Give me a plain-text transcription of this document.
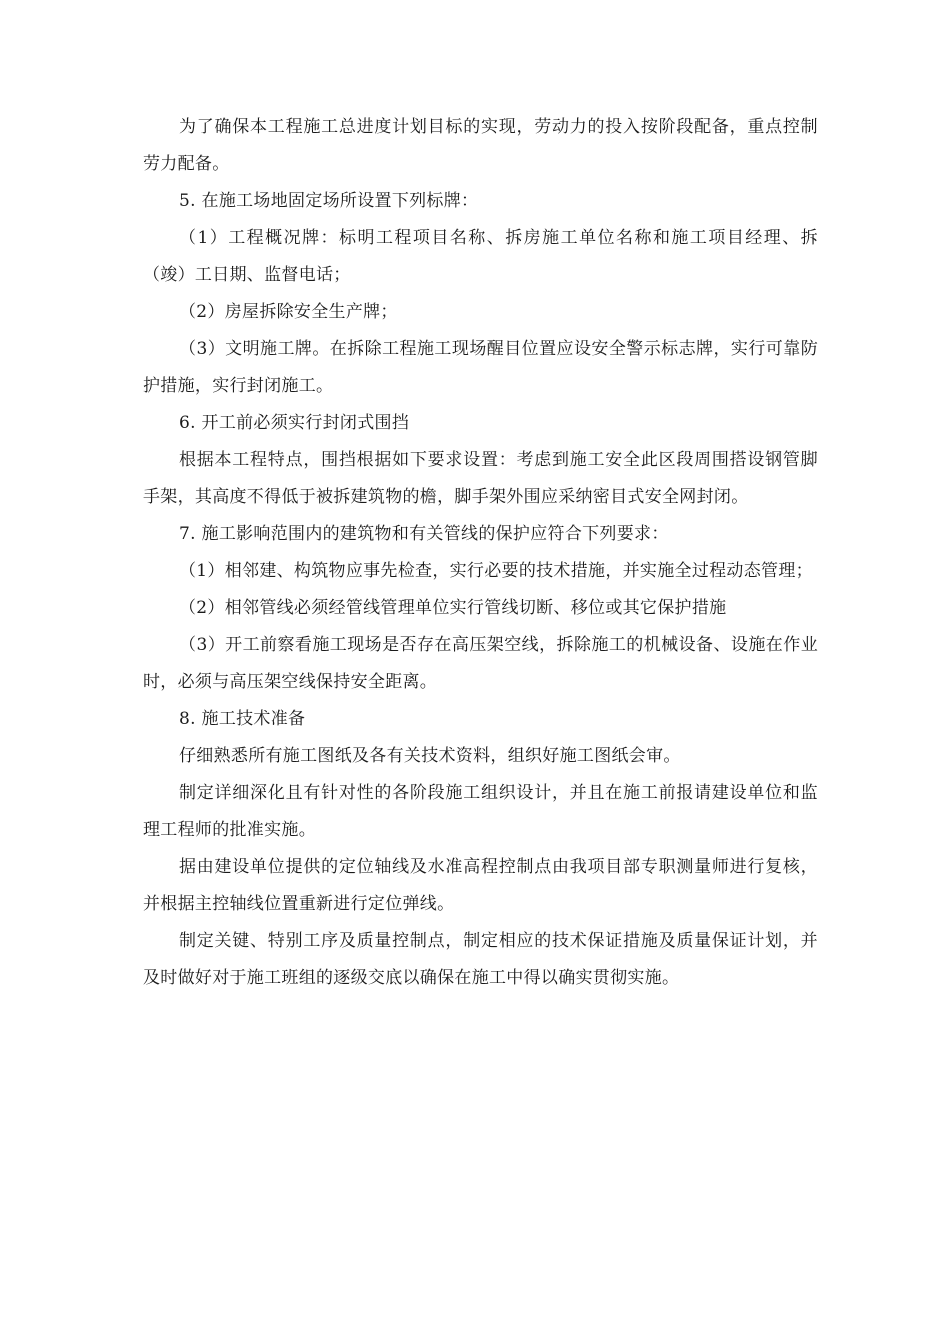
为了确保本工程施工总进度计划目标的实现，劳动力的投入按阶段配备，重点控制劳力配备。

5. 在施工场地固定场所设置下列标牌：

（1）工程概况牌：标明工程项目名称、拆房施工单位名称和施工项目经理、拆（竣）工日期、监督电话；

（2）房屋拆除安全生产牌；

（3）文明施工牌。在拆除工程施工现场醒目位置应设安全警示标志牌，实行可靠防护措施，实行封闭施工。

6. 开工前必须实行封闭式围挡

根据本工程特点，围挡根据如下要求设置：考虑到施工安全此区段周围搭设钢管脚手架，其高度不得低于被拆建筑物的檐，脚手架外围应采纳密目式安全网封闭。

7. 施工影响范围内的建筑物和有关管线的保护应符合下列要求：

（1）相邻建、构筑物应事先检查，实行必要的技术措施，并实施全过程动态管理；

（2）相邻管线必须经管线管理单位实行管线切断、移位或其它保护措施

（3）开工前察看施工现场是否存在高压架空线，拆除施工的机械设备、设施在作业时，必须与高压架空线保持安全距离。

8. 施工技术准备

仔细熟悉所有施工图纸及各有关技术资料，组织好施工图纸会审。

制定详细深化且有针对性的各阶段施工组织设计，并且在施工前报请建设单位和监理工程师的批准实施。

据由建设单位提供的定位轴线及水准高程控制点由我项目部专职测量师进行复核，并根据主控轴线位置重新进行定位弹线。

制定关键、特别工序及质量控制点，制定相应的技术保证措施及质量保证计划，并及时做好对于施工班组的逐级交底以确保在施工中得以确实贯彻实施。
